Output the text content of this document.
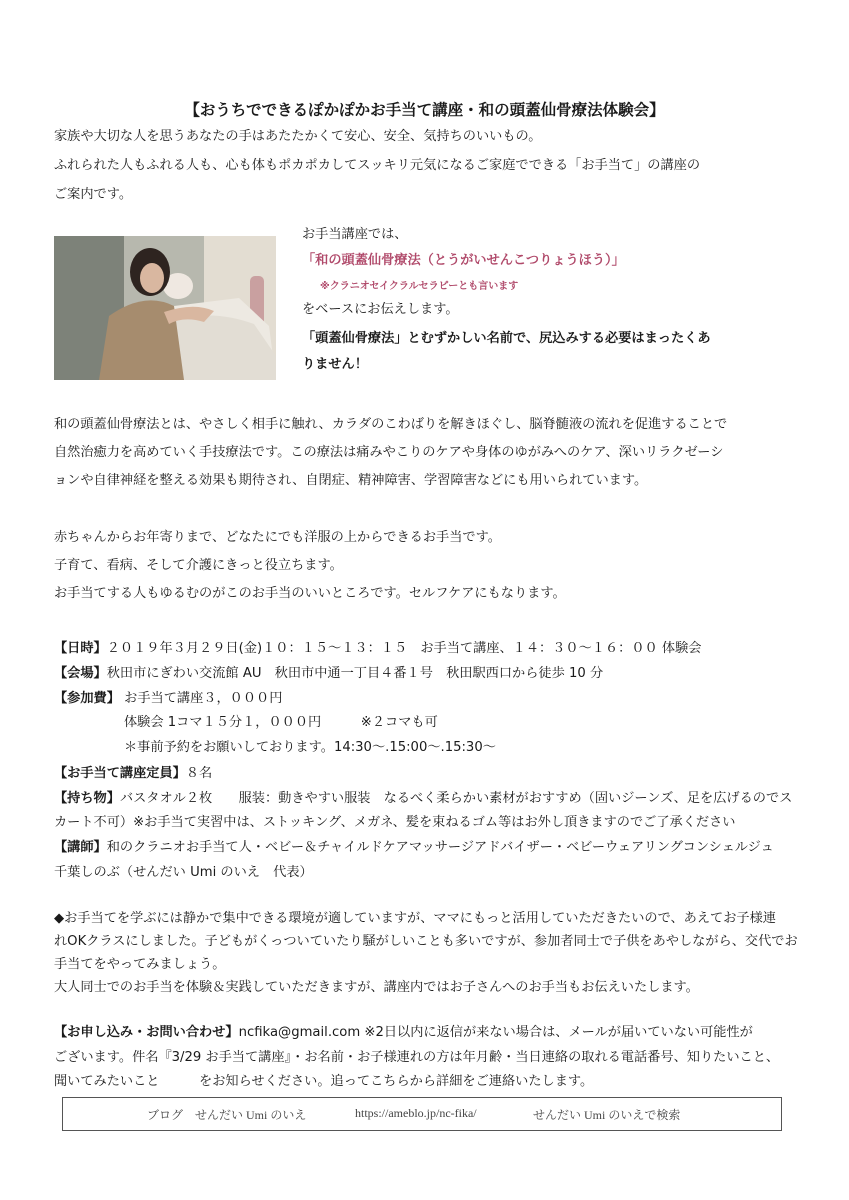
【おうちでできるぽかぽかお手当て講座・和の頭蓋仙骨療法体験会】
家族や大切な人を思うあなたの手はあたたかくて安心、安全、気持ちのいいもの。
ふれられた人もふれる人も、心も体もポカポカしてスッキリ元気になるご家庭でできる「お手当て」の講座の
ご案内です。
お手当講座では、
「和の頭蓋仙骨療法（とうがいせんこつりょうほう）」
※クラニオセイクラルセラピーとも言います
をベースにお伝えします。
「頭蓋仙骨療法」とむずかしい名前で、尻込みする必要はまったくあ
りません！
和の頭蓋仙骨療法とは、やさしく相手に触れ、カラダのこわばりを解きほぐし、脳脊髄液の流れを促進することで
自然治癒力を高めていく手技療法です。この療法は痛みやこりのケアや身体のゆがみへのケア、深いリラクゼーシ
ョンや自律神経を整える効果も期待され、自閉症、精神障害、学習障害などにも用いられています。
赤ちゃんからお年寄りまで、どなたにでも洋服の上からできるお手当です。
子育て、看病、そして介護にきっと役立ちます。
お手当てする人もゆるむのがこのお手当のいいところです。セルフケアにもなります。
【日時】２０１９年３月２９日(金)１０：１５～１３：１５　お手当て講座、１４：３０～１６：００ 体験会
【会場】秋田市にぎわい交流館 AU　秋田市中通一丁目４番１号　秋田駅西口から徒歩 10 分
【参加費】 お手当て講座３，０００円
体験会 1コマ１５分１，０００円　　　※２コマも可
＊事前予約をお願いしております。14:30～.15:00～.15:30～
【お手当て講座定員】８名
【持ち物】バスタオル２枚　　服装：動きやすい服装　なるべく柔らかい素材がおすすめ（固いジーンズ、足を広げるのでス
カート不可）※お手当て実習中は、ストッキング、メガネ、髪を束ねるゴム等はお外し頂きますのでご了承ください
【講師】和のクラニオお手当て人・ベビー＆チャイルドケアマッサージアドバイザー・ベビーウェアリングコンシェルジュ
千葉しのぶ（せんだい Umi のいえ　代表）
◆お手当てを学ぶには静かで集中できる環境が適していますが、ママにもっと活用していただきたいので、あえてお子様連
れOKクラスにしました。子どもがくっついていたり騒がしいことも多いですが、参加者同士で子供をあやしながら、交代でお
手当てをやってみましょう。
大人同士でのお手当を体験＆実践していただきますが、講座内ではお子さんへのお手当もお伝えいたします。
【お申し込み・お問い合わせ】ncfika@gmail.com ※2日以内に返信が来ない場合は、メールが届いていない可能性が
ございます。件名『3/29 お手当て講座』・お名前・お子様連れの方は年月齢・当日連絡の取れる電話番号、知りたいこと、
聞いてみたいこと　　　をお知らせください。追ってこちらから詳細をご連絡いたします。
ブログ　せんだい Umi のいえ	https://ameblo.jp/nc-fika/	せんだい Umi のいえで検索
